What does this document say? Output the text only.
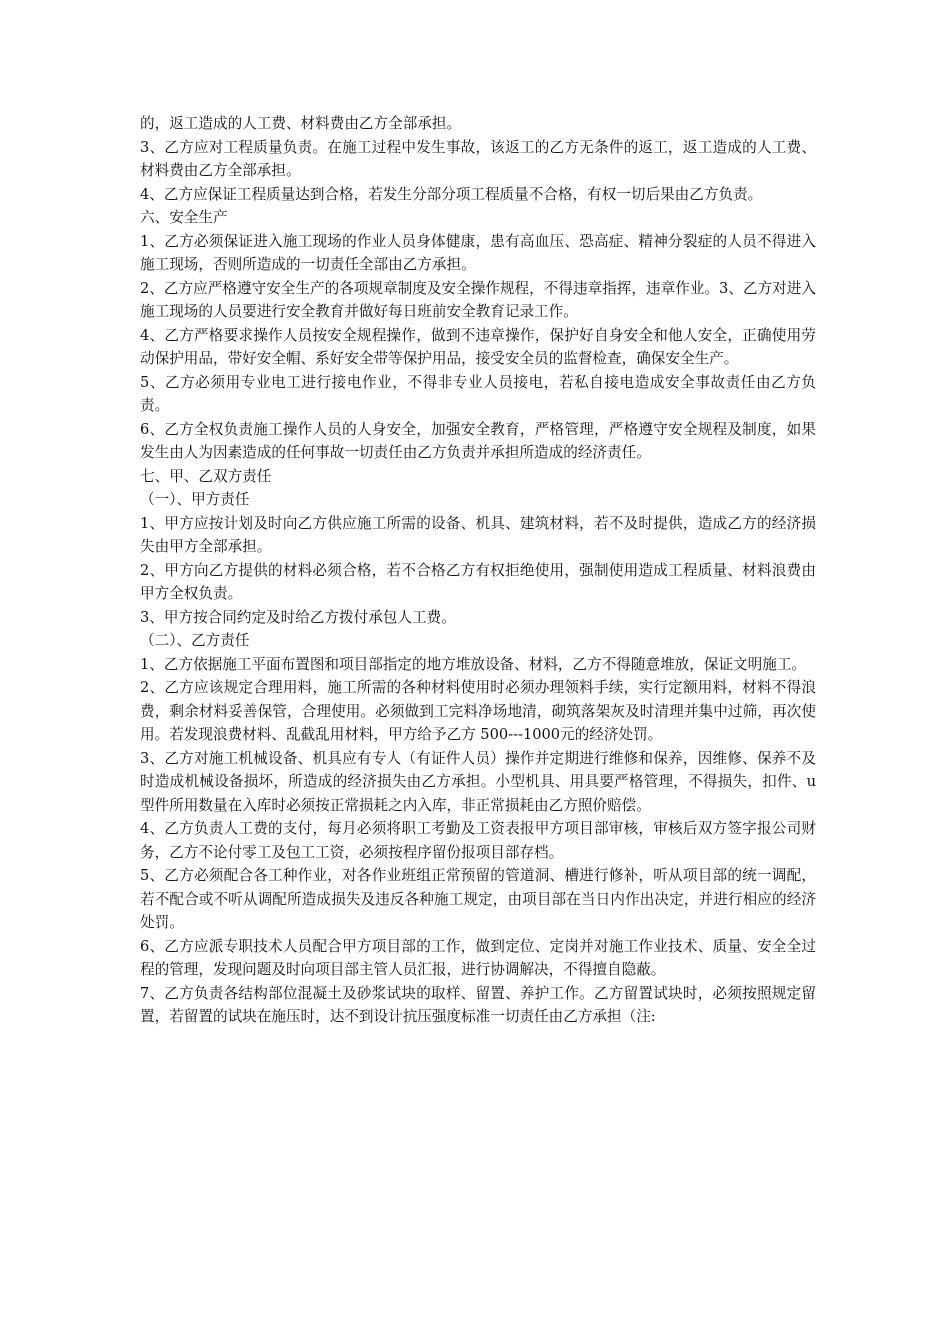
的，返工造成的人工费、材料费由乙方全部承担。

3、乙方应对工程质量负责。在施工过程中发生事故，该返工的乙方无条件的返工，返工造成的人工费、材料费由乙方全部承担。

4、乙方应保证工程质量达到合格，若发生分部分项工程质量不合格，有权一切后果由乙方负责。

六、安全生产

1、乙方必须保证进入施工现场的作业人员身体健康，患有高血压、恐高症、精神分裂症的人员不得进入施工现场，否则所造成的一切责任全部由乙方承担。

2、乙方应严格遵守安全生产的各项规章制度及安全操作规程，不得违章指挥，违章作业。3、乙方对进入施工现场的人员要进行安全教育并做好每日班前安全教育记录工作。

4、乙方严格要求操作人员按安全规程操作，做到不违章操作，保护好自身安全和他人安全，正确使用劳动保护用品，带好安全帽、系好安全带等保护用品，接受安全员的监督检查，确保安全生产。

5、乙方必须用专业电工进行接电作业，不得非专业人员接电，若私自接电造成安全事故责任由乙方负责。

6、乙方全权负责施工操作人员的人身安全，加强安全教育，严格管理，严格遵守安全规程及制度，如果发生由人为因素造成的任何事故一切责任由乙方负责并承担所造成的经济责任。

七、甲、乙双方责任

（一）、甲方责任

1、甲方应按计划及时向乙方供应施工所需的设备、机具、建筑材料，若不及时提供，造成乙方的经济损失由甲方全部承担。

2、甲方向乙方提供的材料必须合格，若不合格乙方有权拒绝使用，强制使用造成工程质量、材料浪费由甲方全权负责。

3、甲方按合同约定及时给乙方拨付承包人工费。

（二）、乙方责任

1、乙方依据施工平面布置图和项目部指定的地方堆放设备、材料，乙方不得随意堆放，保证文明施工。

2、乙方应该规定合理用料，施工所需的各种材料使用时必须办理领料手续，实行定额用料，材料不得浪费，剩余材料妥善保管，合理使用。必须做到工完料净场地清，砌筑落架灰及时清理并集中过筛，再次使用。若发现浪费材料、乱截乱用材料，甲方给予乙方 500---1000元的经济处罚。

3、乙方对施工机械设备、机具应有专人（有证件人员）操作并定期进行维修和保养，因维修、保养不及时造成机械设备损坏，所造成的经济损失由乙方承担。小型机具、用具要严格管理，不得损失，扣件、u 型件所用数量在入库时必须按正常损耗之内入库，非正常损耗由乙方照价赔偿。

4、乙方负责人工费的支付，每月必须将职工考勤及工资表报甲方项目部审核，审核后双方签字报公司财务，乙方不论付零工及包工工资，必须按程序留份报项目部存档。

5、乙方必须配合各工种作业，对各作业班组正常预留的管道洞、槽进行修补，听从项目部的统一调配，若不配合或不听从调配所造成损失及违反各种施工规定，由项目部在当日内作出决定，并进行相应的经济处罚。

6、乙方应派专职技术人员配合甲方项目部的工作，做到定位、定岗并对施工作业技术、质量、安全全过程的管理，发现问题及时向项目部主管人员汇报，进行协调解决，不得擅自隐蔽。

7、乙方负责各结构部位混凝土及砂浆试块的取样、留置、养护工作。乙方留置试块时，必须按照规定留置，若留置的试块在施压时，达不到设计抗压强度标准一切责任由乙方承担（注:
